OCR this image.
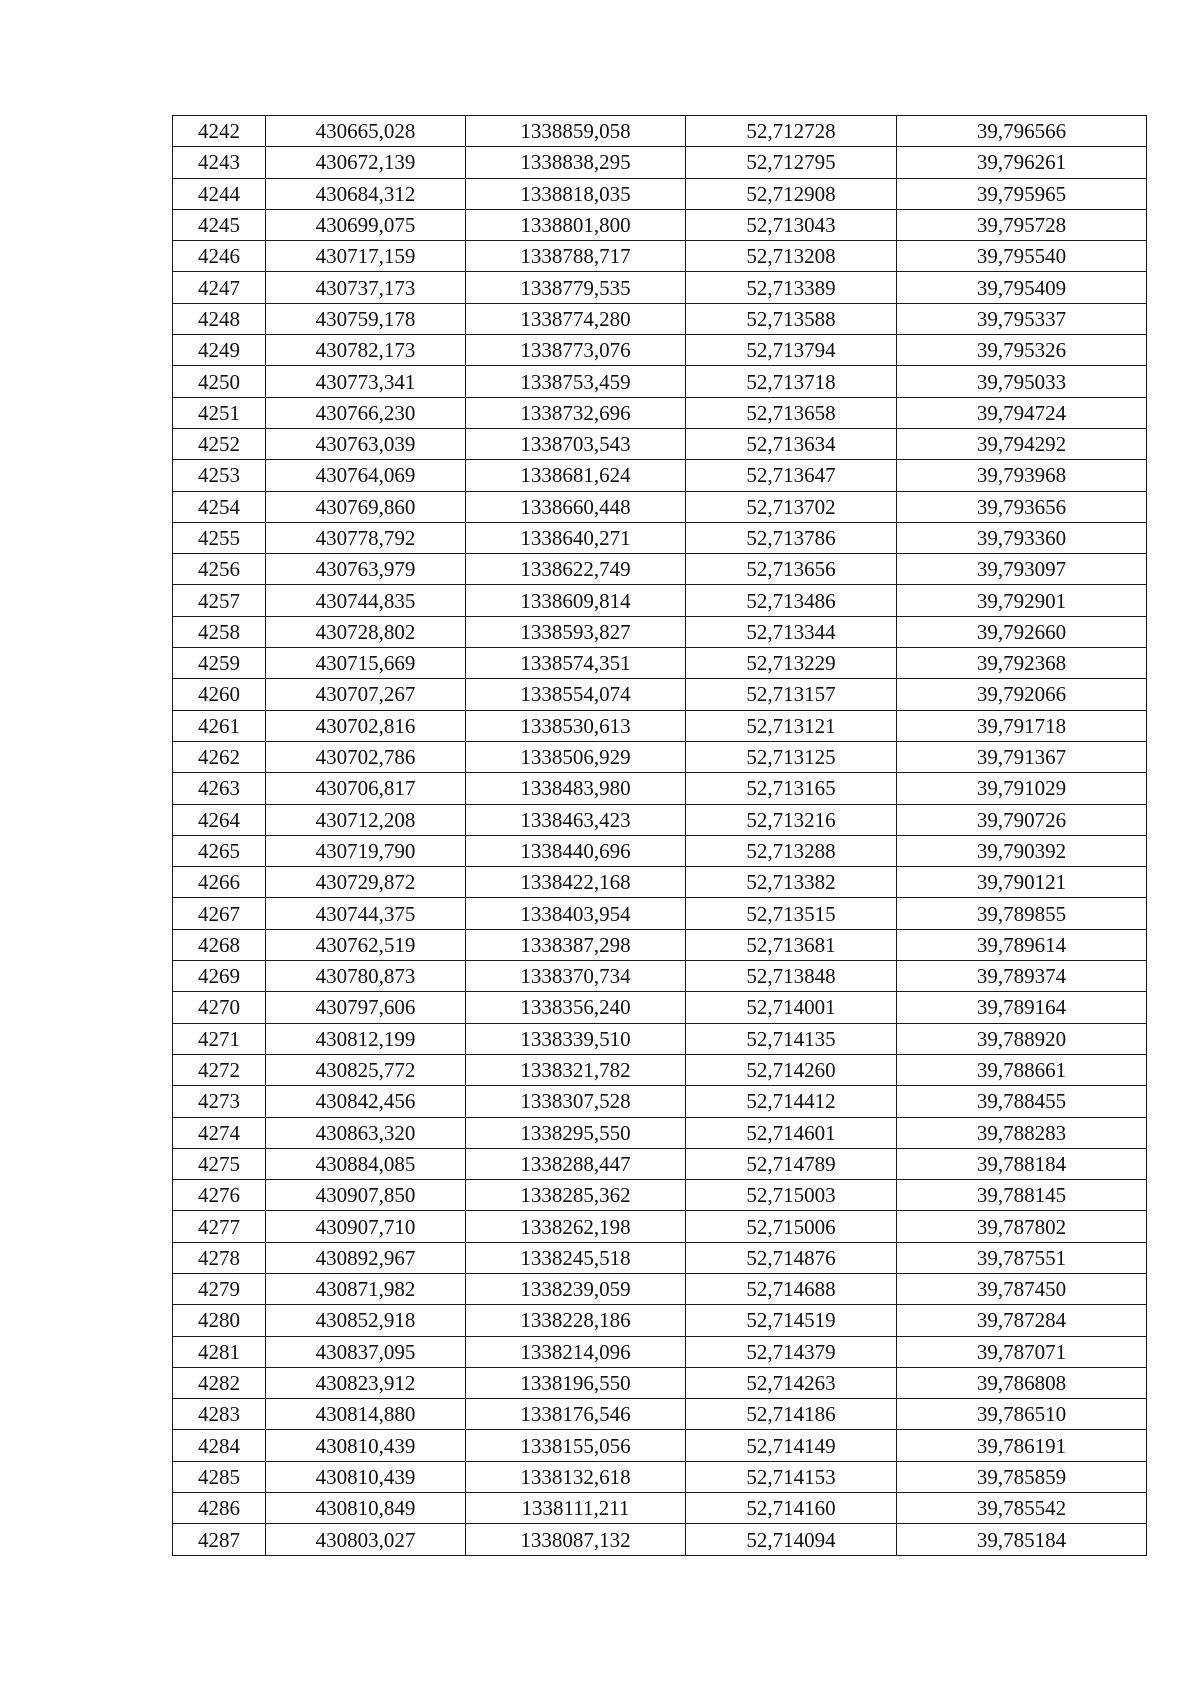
4242	430665,028	1338859,058	52,712728	39,796566
4243	430672,139	1338838,295	52,712795	39,796261
4244	430684,312	1338818,035	52,712908	39,795965
4245	430699,075	1338801,800	52,713043	39,795728
4246	430717,159	1338788,717	52,713208	39,795540
4247	430737,173	1338779,535	52,713389	39,795409
4248	430759,178	1338774,280	52,713588	39,795337
4249	430782,173	1338773,076	52,713794	39,795326
4250	430773,341	1338753,459	52,713718	39,795033
4251	430766,230	1338732,696	52,713658	39,794724
4252	430763,039	1338703,543	52,713634	39,794292
4253	430764,069	1338681,624	52,713647	39,793968
4254	430769,860	1338660,448	52,713702	39,793656
4255	430778,792	1338640,271	52,713786	39,793360
4256	430763,979	1338622,749	52,713656	39,793097
4257	430744,835	1338609,814	52,713486	39,792901
4258	430728,802	1338593,827	52,713344	39,792660
4259	430715,669	1338574,351	52,713229	39,792368
4260	430707,267	1338554,074	52,713157	39,792066
4261	430702,816	1338530,613	52,713121	39,791718
4262	430702,786	1338506,929	52,713125	39,791367
4263	430706,817	1338483,980	52,713165	39,791029
4264	430712,208	1338463,423	52,713216	39,790726
4265	430719,790	1338440,696	52,713288	39,790392
4266	430729,872	1338422,168	52,713382	39,790121
4267	430744,375	1338403,954	52,713515	39,789855
4268	430762,519	1338387,298	52,713681	39,789614
4269	430780,873	1338370,734	52,713848	39,789374
4270	430797,606	1338356,240	52,714001	39,789164
4271	430812,199	1338339,510	52,714135	39,788920
4272	430825,772	1338321,782	52,714260	39,788661
4273	430842,456	1338307,528	52,714412	39,788455
4274	430863,320	1338295,550	52,714601	39,788283
4275	430884,085	1338288,447	52,714789	39,788184
4276	430907,850	1338285,362	52,715003	39,788145
4277	430907,710	1338262,198	52,715006	39,787802
4278	430892,967	1338245,518	52,714876	39,787551
4279	430871,982	1338239,059	52,714688	39,787450
4280	430852,918	1338228,186	52,714519	39,787284
4281	430837,095	1338214,096	52,714379	39,787071
4282	430823,912	1338196,550	52,714263	39,786808
4283	430814,880	1338176,546	52,714186	39,786510
4284	430810,439	1338155,056	52,714149	39,786191
4285	430810,439	1338132,618	52,714153	39,785859
4286	430810,849	1338111,211	52,714160	39,785542
4287	430803,027	1338087,132	52,714094	39,785184
